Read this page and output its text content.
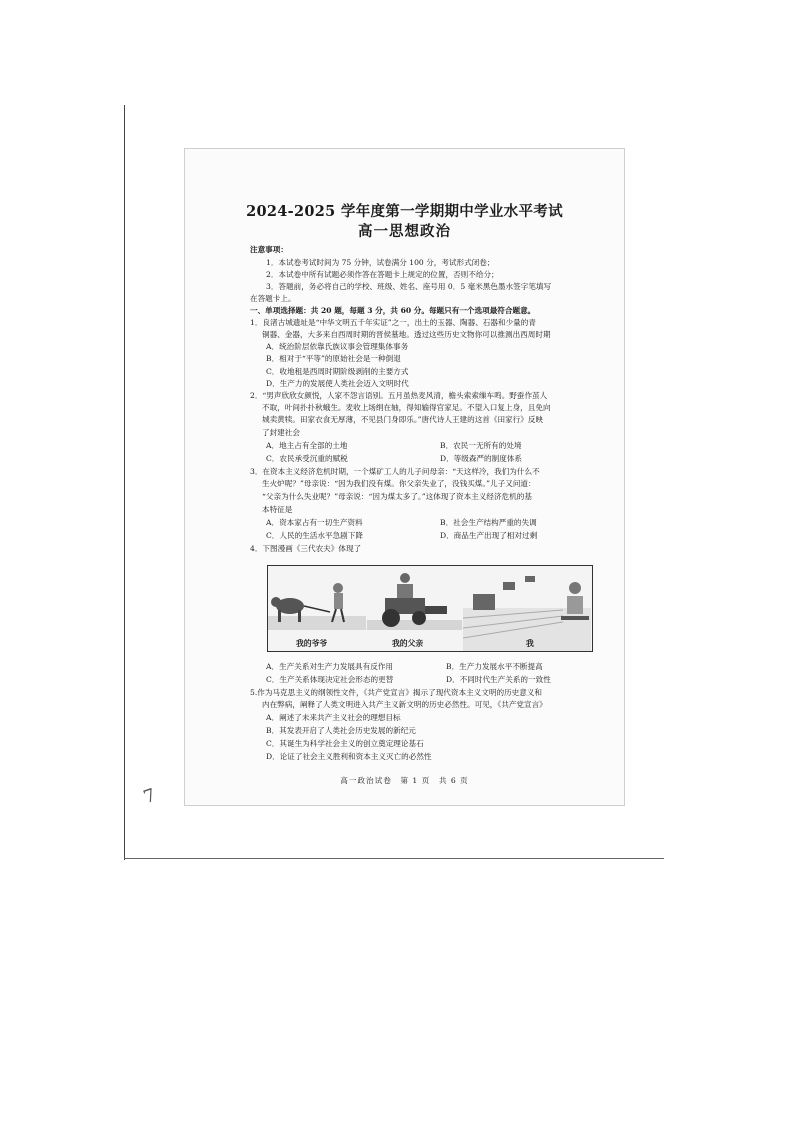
7
2024-2025 学年度第一学期期中学业水平考试
高一思想政治
注意事项：
1．本试卷考试时间为 75 分钟，试卷满分 100 分，考试形式闭卷；
2．本试卷中所有试题必须作答在答题卡上规定的位置，否则不给分；
3．答题前，务必将自己的学校、班级、姓名、座号用 0．5 毫米黑色墨水签字笔填写
在答题卡上。
一、单项选择题：共 20 题，每题 3 分，共 60 分。每题只有一个选项最符合题意。
1．良渚古城遗址是“中华文明五千年实证”之一，出土的玉器、陶器、石器和少量的青
铜器、金器，大多来自西周时期的晋侯墓地。透过这些历史文物你可以推测出西周时期
A．统治阶层依靠氏族议事会管理集体事务
B．相对于“平等”的原始社会是一种倒退
C．收地租是西周时期阶级剥削的主要方式
D．生产力的发展使人类社会迈入文明时代
2．“男声欣欣女颜悦，人家不怨言语别。五月虽热麦风清，檐头索索缫车鸣。野蚕作茧人
不取，叶间扑扑秋蛾生。麦收上场绢在轴，得知输得官家足。不望入口复上身，且免向
城卖黄犊。田家衣食无厚薄，不见县门身即乐。”唐代诗人王建的这首《田家行》反映
了封建社会
A．地主占有全部的土地	B．农民一无所有的处境
C．农民承受沉重的赋税	D．等级森严的制度体系
3．在资本主义经济危机时期，一个煤矿工人的儿子问母亲：“天这样冷，我们为什么不
生火炉呢？”母亲说：“因为我们没有煤。你父亲失业了，没钱买煤。”儿子又问道：
“父亲为什么失业呢？”母亲说：“因为煤太多了。”这体现了资本主义经济危机的基
本特征是
A．资本家占有一切生产资料	B．社会生产结构严重的失调
C．人民的生活水平急剧下降	D．商品生产出现了相对过剩
4．下图漫画《三代农夫》体现了
我的爷爷	我的父亲	我
A．生产关系对生产力发展具有反作用	B．生产力发展水平不断提高
C．生产关系体现决定社会形态的更替	D．不同时代生产关系的一致性
5.作为马克思主义的纲领性文件，《共产党宣言》揭示了现代资本主义文明的历史意义和
内在弊病，阐释了人类文明进入共产主义新文明的历史必然性。可见，《共产党宣言》
A．阐述了未来共产主义社会的理想目标
B．其发表开启了人类社会历史发展的新纪元
C．其诞生为科学社会主义的创立奠定理论基石
D．论证了社会主义胜利和资本主义灭亡的必然性
高一政治试卷　第 1 页　共 6 页
